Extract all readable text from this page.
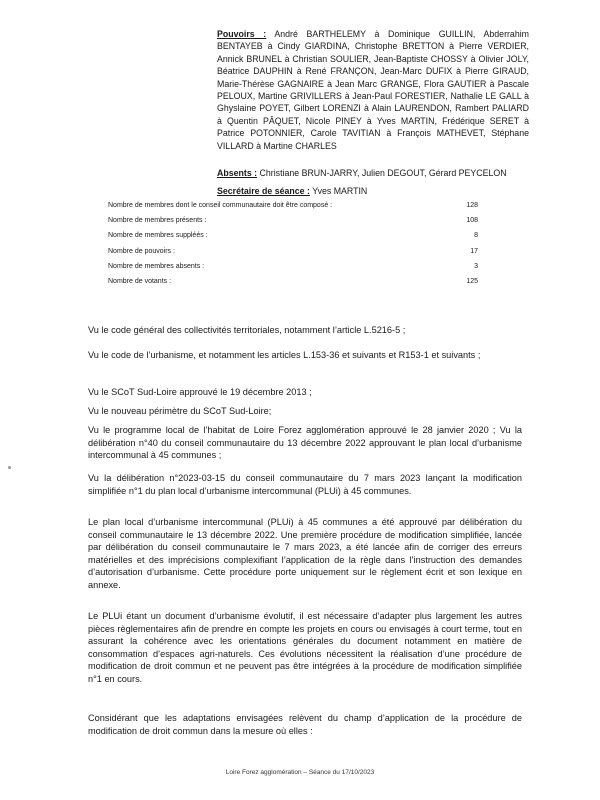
Pouvoirs : André BARTHELEMY à Dominique GUILLIN, Abderrahim BENTAYEB à Cindy GIARDINA, Christophe BRETTON à Pierre VERDIER, Annick BRUNEL à Christian SOULIER, Jean-Baptiste CHOSSY à Olivier JOLY, Béatrice DAUPHIN à René FRANÇON, Jean-Marc DUFIX à Pierre GIRAUD, Marie-Thérèse GAGNAIRE à Jean Marc GRANGE, Flora GAUTIER à Pascale PELOUX, Martine GRIVILLERS à Jean-Paul FORESTIER, Nathalie LE GALL à Ghyslaine POYET, Gilbert LORENZI à Alain LAURENDON, Rambert PALIARD à Quentin PÂQUET, Nicole PINEY à Yves MARTIN, Frédérique SERET à Patrice POTONNIER, Carole TAVITIAN à François MATHEVET, Stéphane VILLARD à Martine CHARLES

Absents : Christiane BRUN-JARRY, Julien DEGOUT, Gérard PEYCELON

Secrétaire de séance : Yves MARTIN

Nombre de membres dont le conseil communautaire doit être composé :	128
Nombre de membres présents :	108
Nombre de membres suppléés :	8
Nombre de pouvoirs :	17
Nombre de membres absents :	3
Nombre de votants :	125

Vu le code général des collectivités territoriales, notamment l’article L.5216-5 ;

Vu le code de l’urbanisme, et notamment les articles L.153-36 et suivants et R153-1 et suivants ;

Vu le SCoT Sud-Loire approuvé le 19 décembre 2013 ;

Vu le nouveau périmètre du SCoT Sud-Loire;

Vu le programme local de l’habitat de Loire Forez agglomération approuvé le 28 janvier 2020 ; Vu la délibération n°40 du conseil communautaire du 13 décembre 2022 approuvant le plan local d’urbanisme intercommunal à 45 communes ;

Vu la délibération n°2023-03-15 du conseil communautaire du 7 mars 2023 lançant la modification simplifiée n°1 du plan local d’urbanisme intercommunal (PLUi) à 45 communes.

Le plan local d’urbanisme intercommunal (PLUi) à 45 communes a été approuvé par délibération du conseil communautaire le 13 décembre 2022. Une première procédure de modification simplifiée, lancée par délibération du conseil communautaire le 7 mars 2023, a été lancée afin de corriger des erreurs matérielles et des imprécisions complexifiant l’application de la règle dans l’instruction des demandes d’autorisation d’urbanisme. Cette procédure porte uniquement sur le règlement écrit et son lexique en annexe.

Le PLUi étant un document d’urbanisme évolutif, il est nécessaire d’adapter plus largement les autres pièces règlementaires afin de prendre en compte les projets en cours ou envisagés à court terme, tout en assurant la cohérence avec les orientations générales du document notamment en matière de consommation d’espaces agri-naturels. Ces évolutions nécessitent la réalisation d’une procédure de modification de droit commun et ne peuvent pas être intégrées à la procédure de modification simplifiée n°1 en cours.

Considérant que les adaptations envisagées relèvent du champ d’application de la procédure de modification de droit commun dans la mesure où elles :

Loire Forez agglomération – Séance du 17/10/2023
